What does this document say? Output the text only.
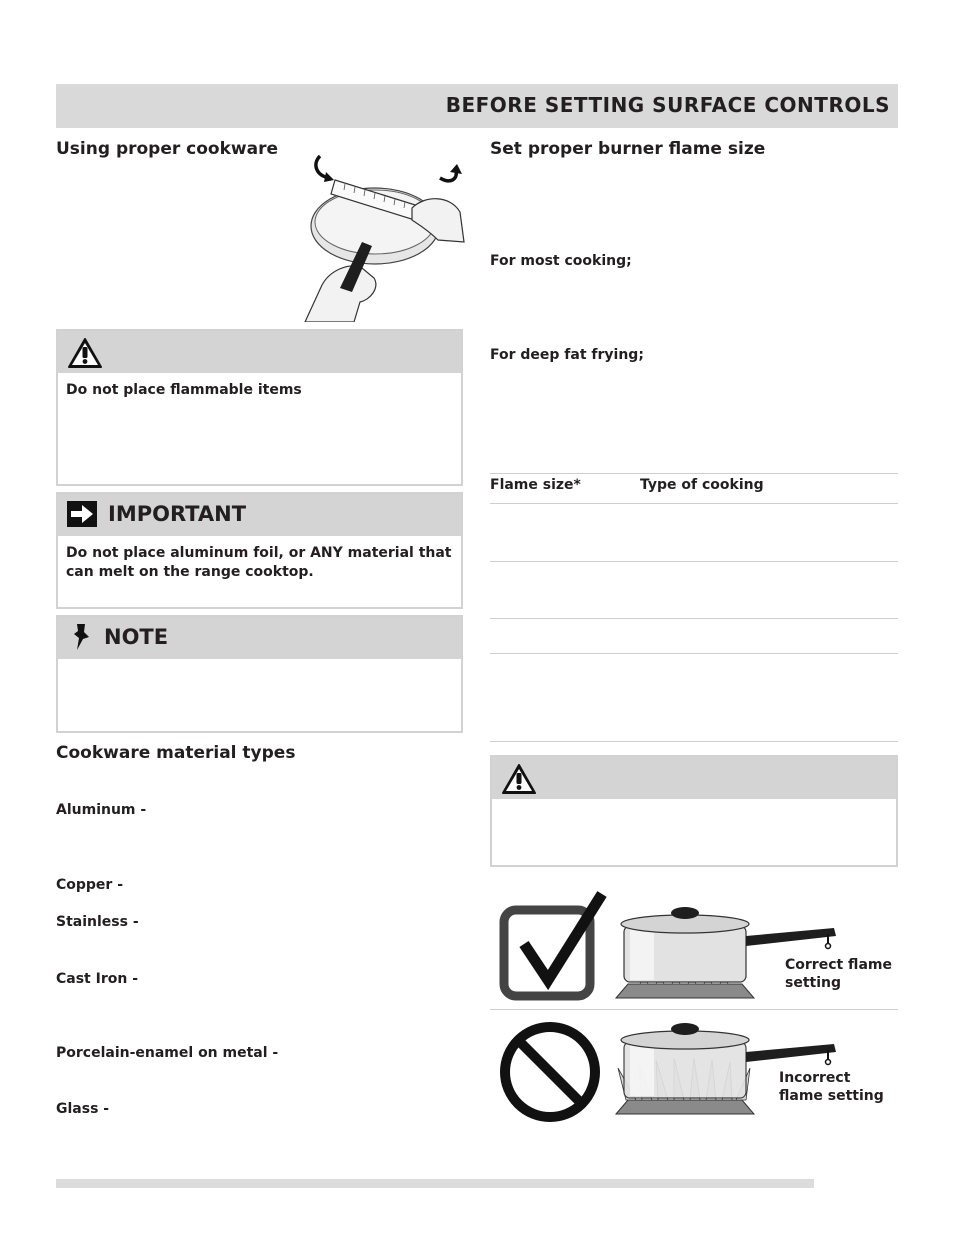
BEFORE SETTING SURFACE CONTROLS
Using proper cookware
Do not place flammable items
IMPORTANT
Do not place aluminum foil, or ANY material that can melt on the range cooktop.
NOTE
Cookware material types
Aluminum -
Copper -
Stainless -
Cast Iron -
Porcelain-enamel on metal -
Glass -
Set proper burner flame size
For most cooking;
For deep fat frying;
Flame size*	Type of cooking
Correct flame setting
Incorrect flame setting
